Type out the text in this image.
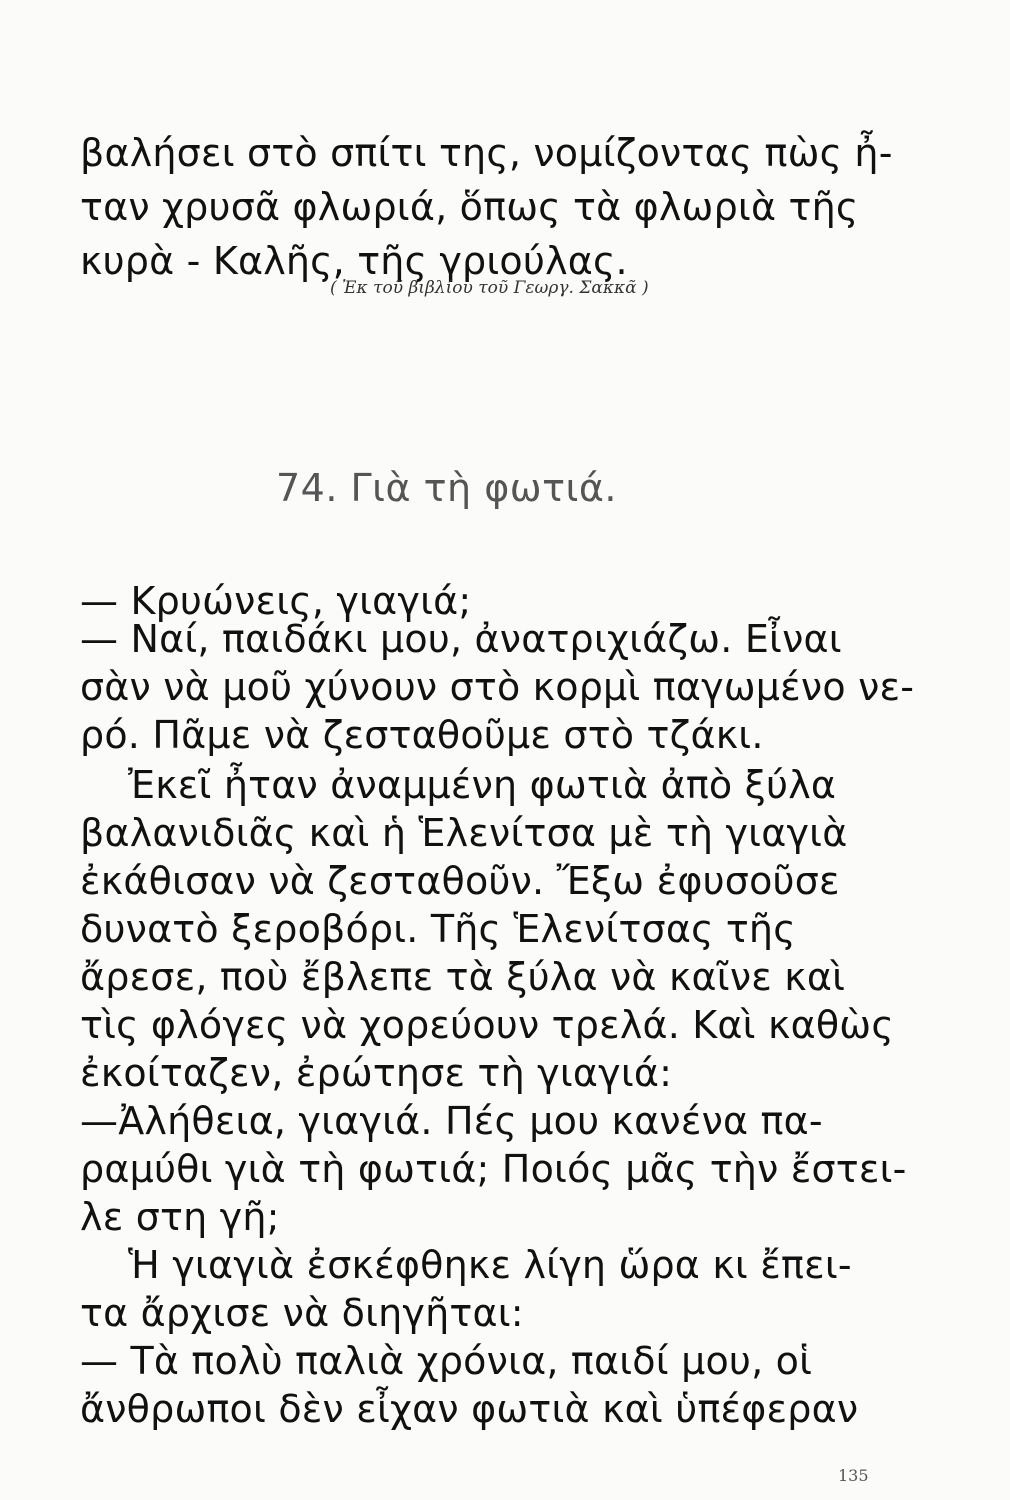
βαλήσει στὸ σπίτι της, νομίζοντας πὼς ἦ-
ταν χρυσᾶ φλωριά, ὅπως τὰ φλωριὰ τῆς
κυρὰ - Καλῆς, τῆς γριούλας.
( Ἐκ τοῦ βιβλίου τοῦ Γεωργ. Σακκᾶ )
74. Γιὰ τὴ φωτιά.
— Κρυώνεις, γιαγιά;
— Ναί, παιδάκι μου, ἀνατριχιάζω. Εἶναι
σὰν νὰ μοῦ χύνουν στὸ κορμὶ παγωμένο νε-
ρό. Πᾶμε νὰ ζεσταθοῦμε στὸ τζάκι.
Ἐκεῖ ἦταν ἀναμμένη φωτιὰ ἀπὸ ξύλα
βαλανιδιᾶς καὶ ἡ Ἑλενίτσα μὲ τὴ γιαγιὰ
ἐκάθισαν νὰ ζεσταθοῦν. Ἔξω ἐφυσοῦσε
δυνατὸ ξεροβόρι. Τῆς Ἑλενίτσας τῆς
ἄρεσε, ποὺ ἔβλεπε τὰ ξύλα νὰ καῖνε καὶ
τὶς φλόγες νὰ χορεύουν τρελά. Καὶ καθὼς
ἐκοίταζεν, ἐρώτησε τὴ γιαγιά:
—Ἀλήθεια, γιαγιά. Πές μου κανένα πα-
ραμύθι γιὰ τὴ φωτιά; Ποιός μᾶς τὴν ἔστει-
λε στη γῆ;
Ἡ γιαγιὰ ἐσκέφθηκε λίγη ὥρα κι ἔπει-
τα ἄρχισε νὰ διηγῆται:
— Τὰ πολὺ παλιὰ χρόνια, παιδί μου, οἱ
ἄνθρωποι δὲν εἶχαν φωτιὰ καὶ ὑπέφεραν
135
